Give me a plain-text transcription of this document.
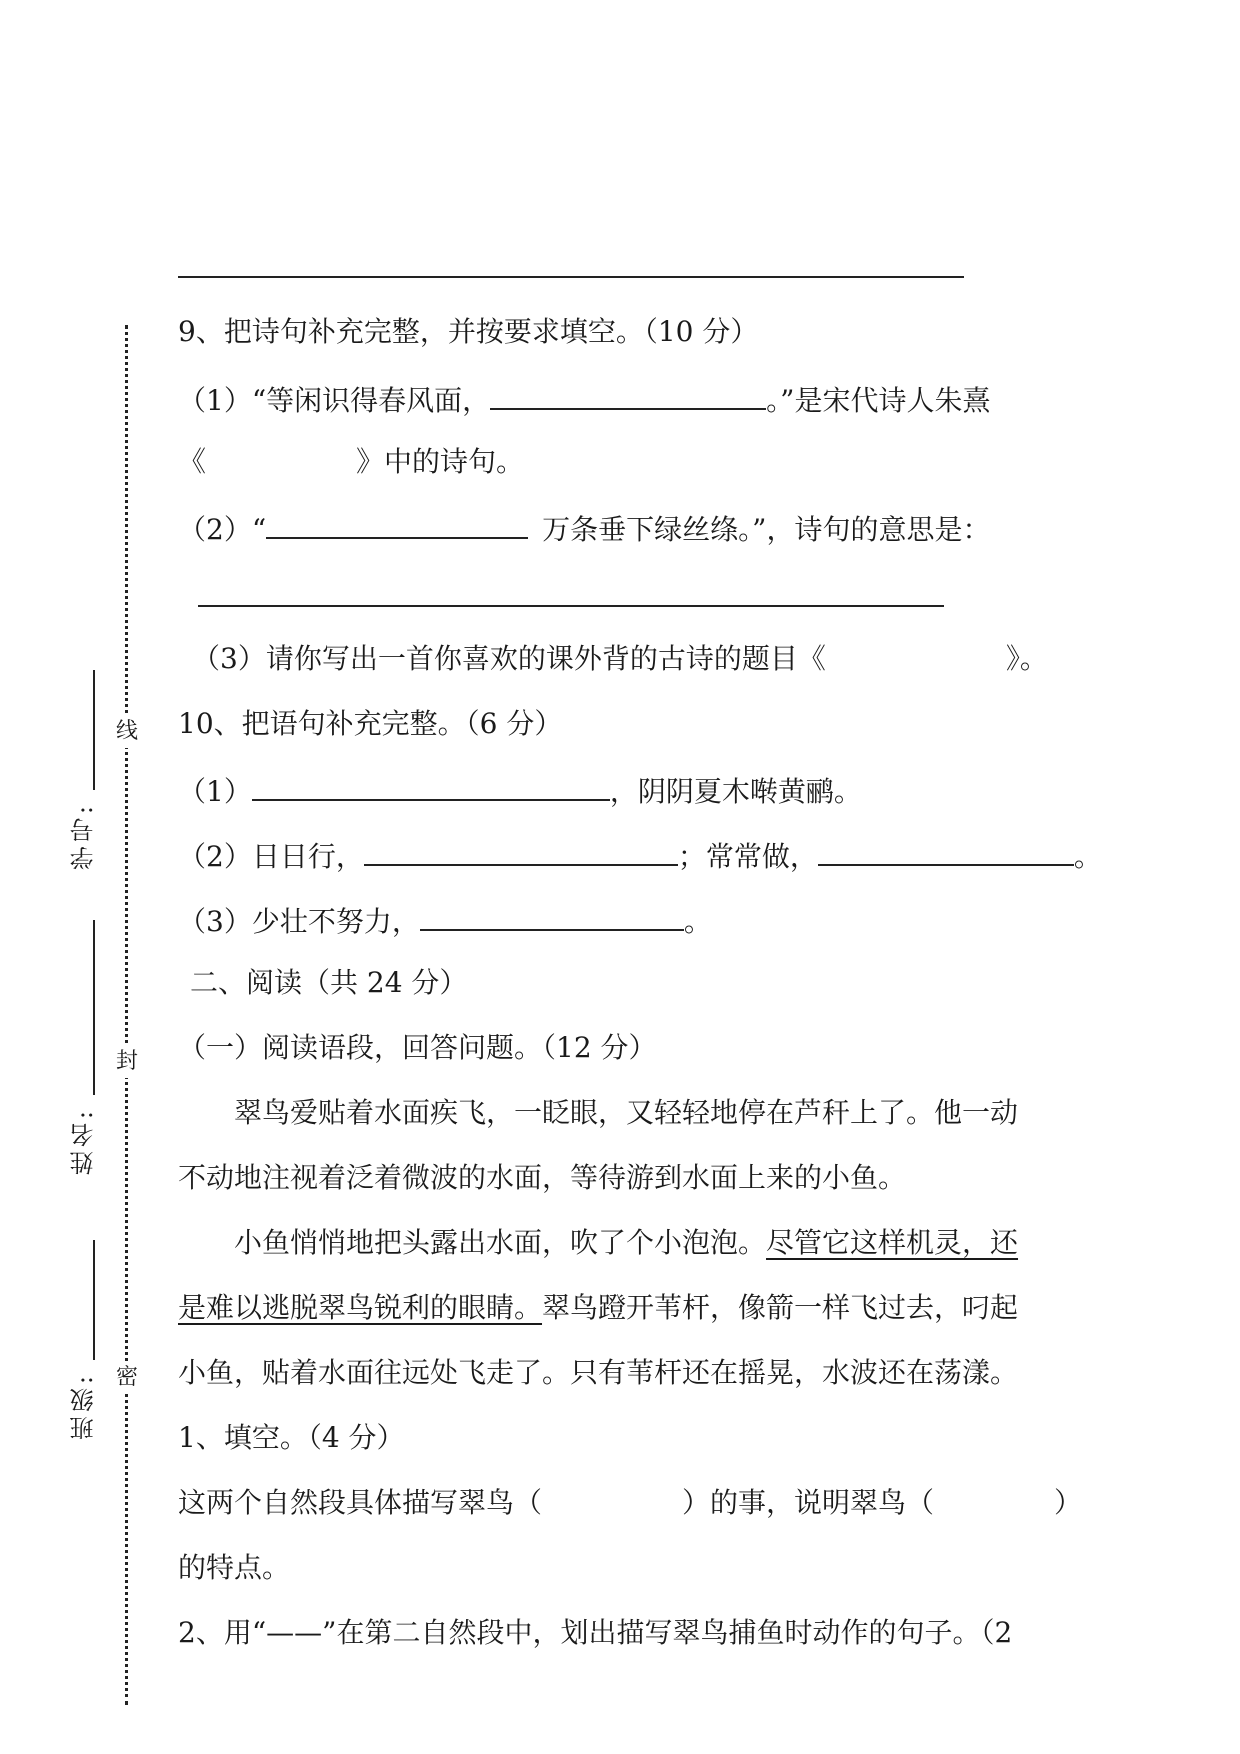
线
封
密
学号:
姓名:
班级:
9、把诗句补充完整，并按要求填空。（10 分）
（1）“等闲识得春风面，	。”是宋代诗人朱熹
《	》中的诗句。
（2）“	万条垂下绿丝绦。”，诗句的意思是：
（3）请你写出一首你喜欢的课外背的古诗的题目《	》。
10、把语句补充完整。（6 分）
（1）	，阴阴夏木啭黄鹂。
（2）日日行，	；常常做，	。
（3）少壮不努力，	。
二、阅读（共 24 分）
（一）阅读语段，回答问题。（12 分）
翠鸟爱贴着水面疾飞，一眨眼，又轻轻地停在芦秆上了。他一动
不动地注视着泛着微波的水面，等待游到水面上来的小鱼。
小鱼悄悄地把头露出水面，吹了个小泡泡。尽管它这样机灵，还
是难以逃脱翠鸟锐利的眼睛。翠鸟蹬开苇杆，像箭一样飞过去，叼起
小鱼，贴着水面往远处飞走了。只有苇杆还在摇晃，水波还在荡漾。
1、填空。（4 分）
这两个自然段具体描写翠鸟（	）的事，说明翠鸟（	）
的特点。
2、用“——”在第二自然段中，划出描写翠鸟捕鱼时动作的句子。（2
